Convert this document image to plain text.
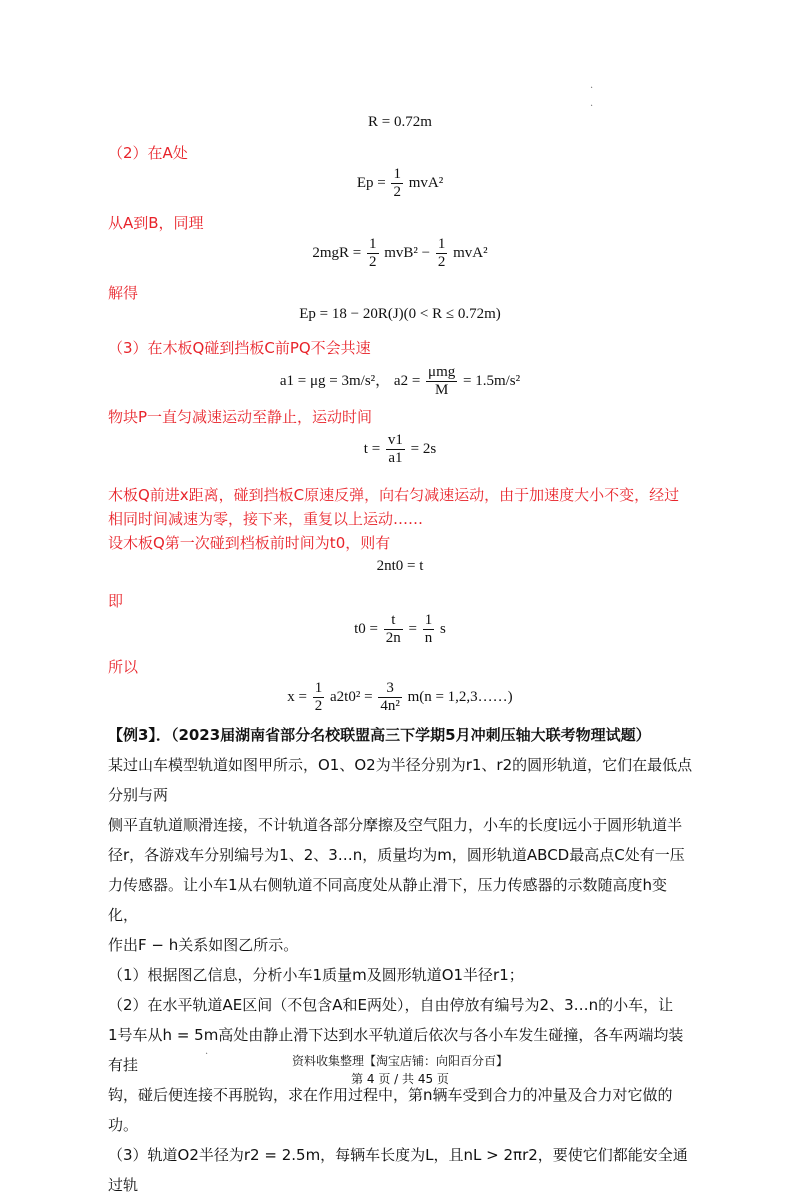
.
.
R = 0.72m
（2）在A处
$Ep = \frac{1}{2} mvA^2$
从A到B，同理
$2mgR = \frac{1}{2} mvB^2 - \frac{1}{2} mvA^2$
解得
Ep = 18 − 20R(J)(0 < R ≤ 0.72m)
（3）在木板Q碰到挡板C前PQ不会共速
a1 = μg = 3m/s²， $a2 = \frac{\text{μmg}}{M} = 1.5m/s^2$
物块P一直匀减速运动至静止，运动时间
$t = \frac{v1}{a1} = 2s$
木板Q前进x距离，碰到挡板C原速反弹，向右匀减速运动，由于加速度大小不变，经过
相同时间减速为零，接下来，重复以上运动……
设木板Q第一次碰到档板前时间为t0，则有
2nt0 = t
即
$t0 = \frac{t}{2n} = \frac{1}{n}$ s
所以
$x = \frac{1}{2} a2t0^2 = \frac{3}{\text{4n²}} m(n$ = 1,2,3……)

【例3】．（2023届湖南省部分名校联盟高三下学期5月冲刺压轴大联考物理试题）

某过山车模型轨道如图甲所示，O1、O2为半径分别为r1、r2的圆形轨道，它们在最低点分别与两

侧平直轨道顺滑连接，不计轨道各部分摩擦及空气阻力，小车的长度l远小于圆形轨道半

径r，各游戏车分别编号为1、2、3…n，质量均为m，圆形轨道ABCD最高点C处有一压

力传感器。让小车1从右侧轨道不同高度处从静止滑下，压力传感器的示数随高度h变化，

作出F − h关系如图乙所示。

（1）根据图乙信息，分析小车1质量m及圆形轨道O1半径r1；

（2）在水平轨道AE区间（不包含A和E两处），自由停放有编号为2、3…n的小车，让

1号车从h = 5m高处由静止滑下达到水平轨道后依次与各小车发生碰撞，各车两端均装有挂

钩，碰后便连接不再脱钩，求在作用过程中，第n辆车受到合力的冲量及合力对它做的功。

（3）轨道O2半径为r2 = 2.5m，每辆车长度为L，且nL > 2πr2，要使它们都能安全通过轨

.
资料收集整理【淘宝店铺：向阳百分百】
第 4 页 / 共 45 页
